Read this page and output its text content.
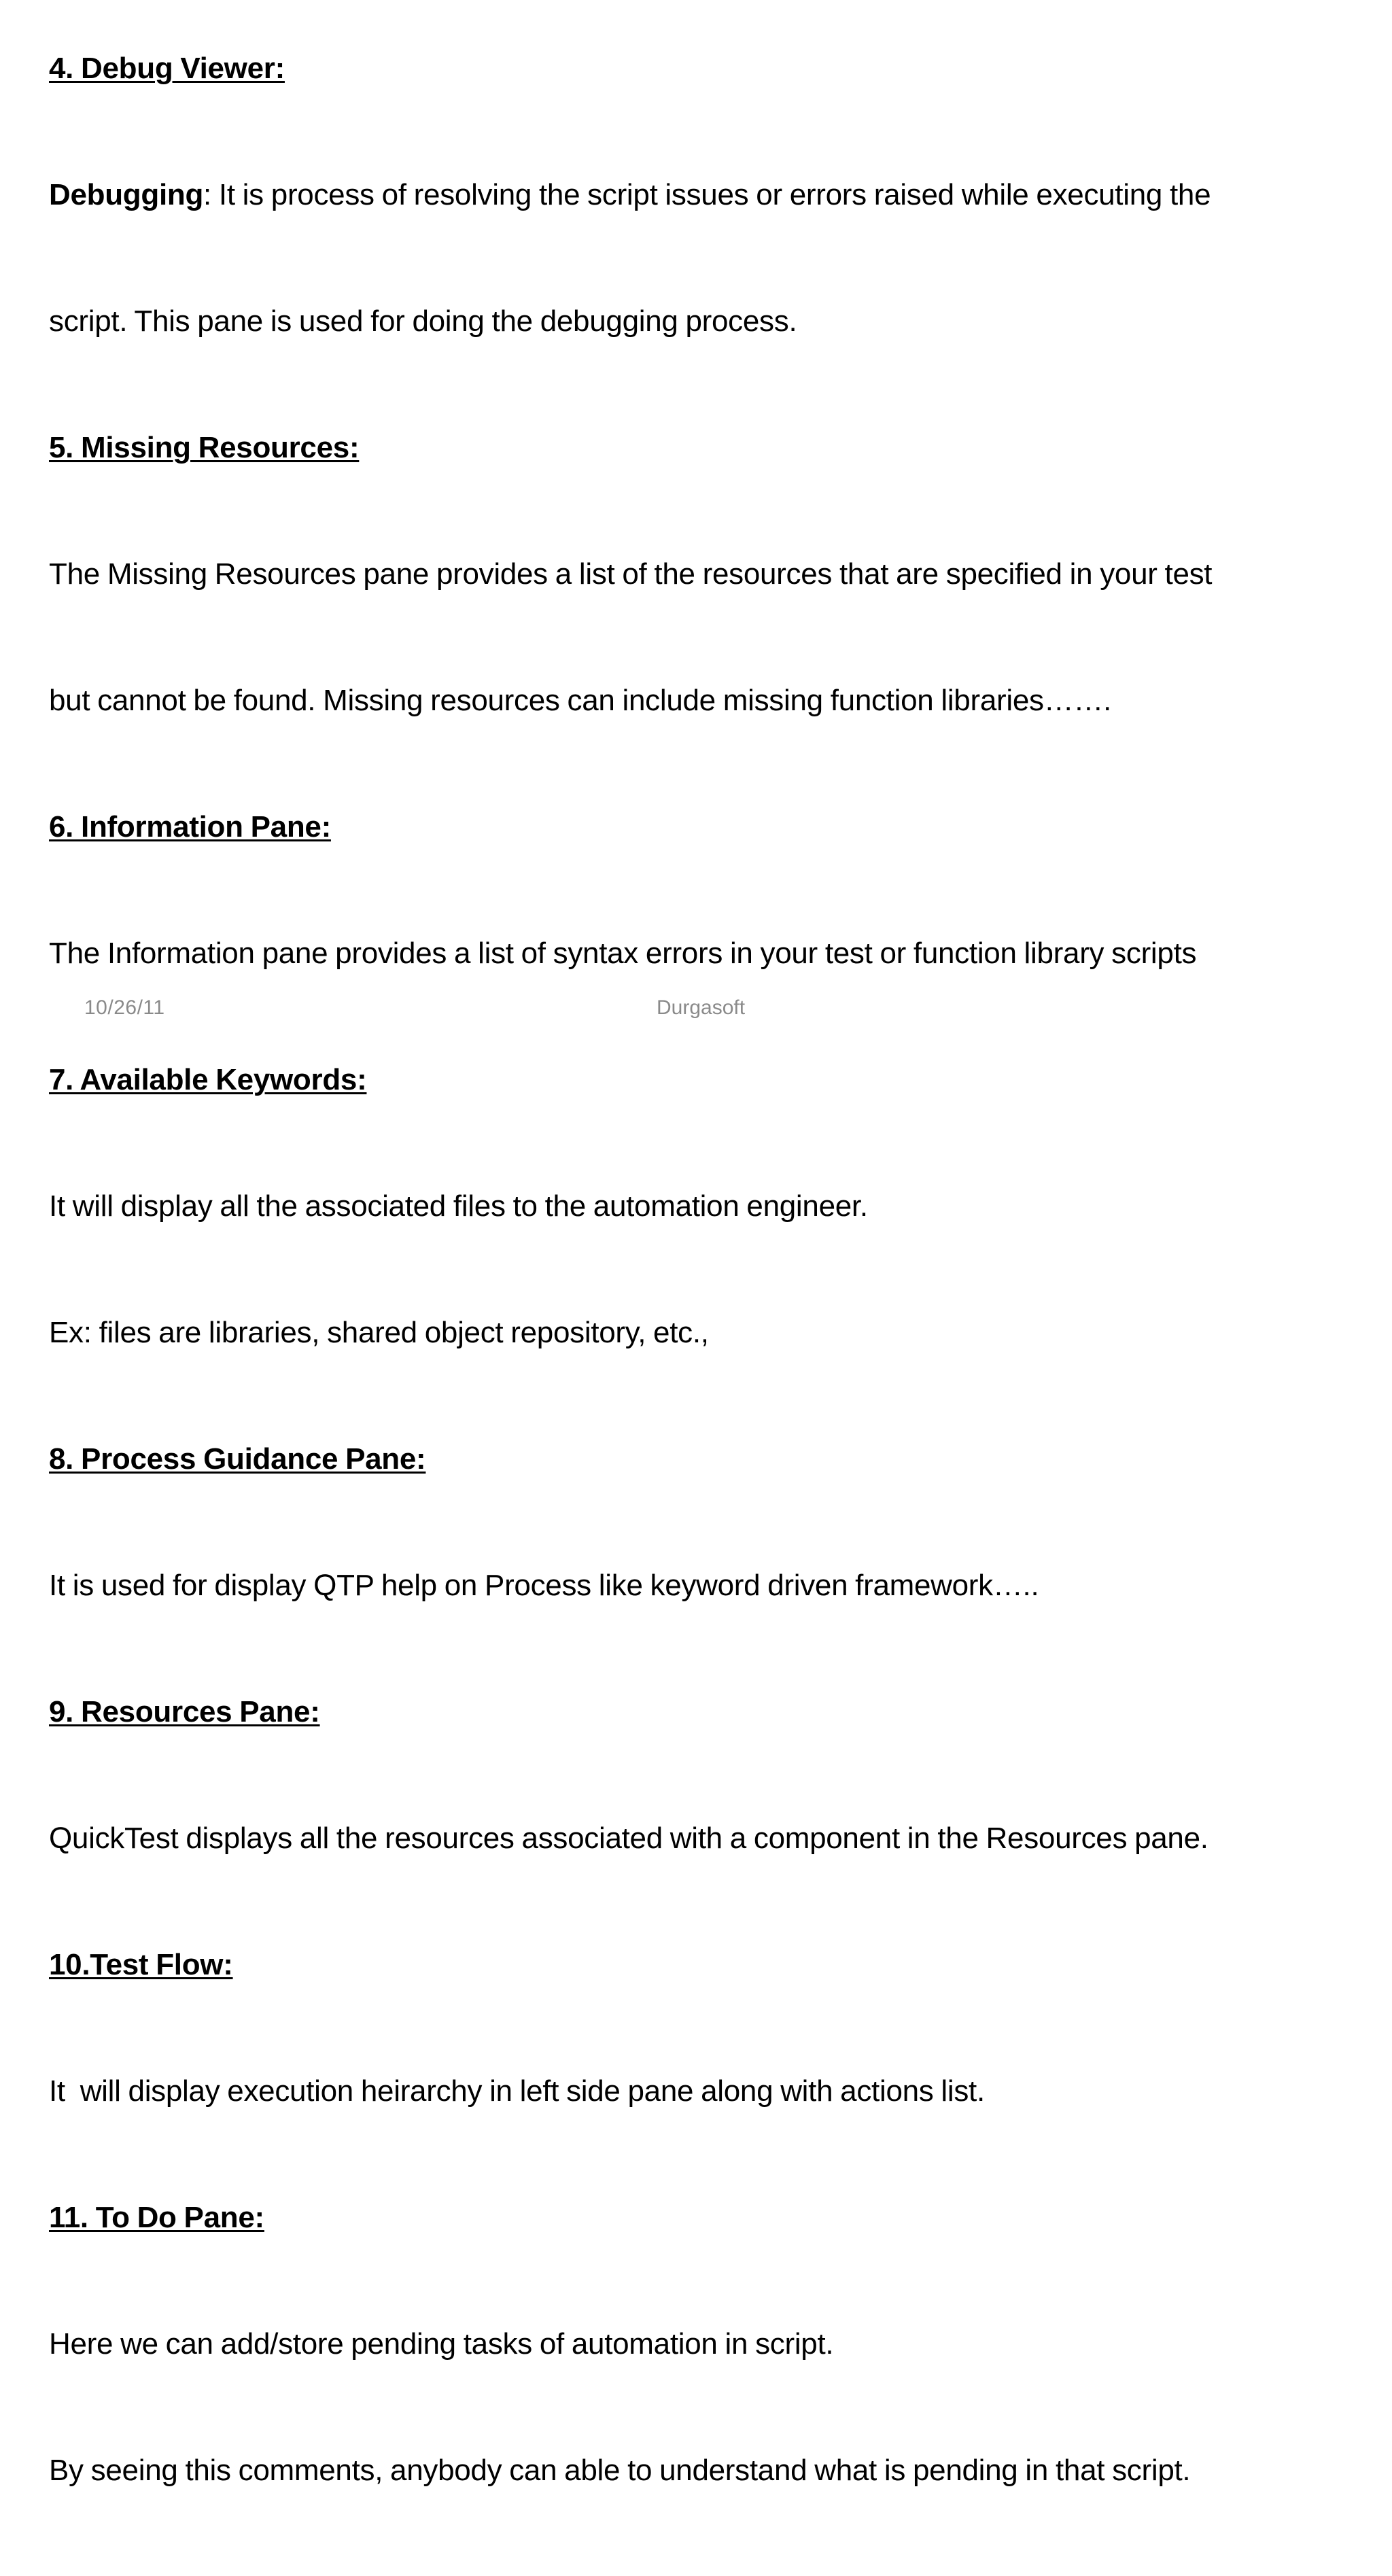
4. Debug Viewer:

Debugging: It is process of resolving the script issues or errors raised while executing the

script. This pane is used for doing the debugging process.

5. Missing Resources:

The Missing Resources pane provides a list of the resources that are specified in your test

but cannot be found. Missing resources can include missing function libraries…….

6. Information Pane:

The Information pane provides a list of syntax errors in your test or function library scripts

7. Available Keywords:

It will display all the associated files to the automation engineer.

Ex: files are libraries, shared object repository, etc.,

8. Process Guidance Pane:

It is used for display QTP help on Process like keyword driven framework…..

9. Resources Pane:

QuickTest displays all the resources associated with a component in the Resources pane.

10.Test Flow:

It  will display execution heirarchy in left side pane along with actions list.

11. To Do Pane:

Here we can add/store pending tasks of automation in script.

By seeing this comments, anybody can able to understand what is pending in that script.

10/26/11	Durgasoft
